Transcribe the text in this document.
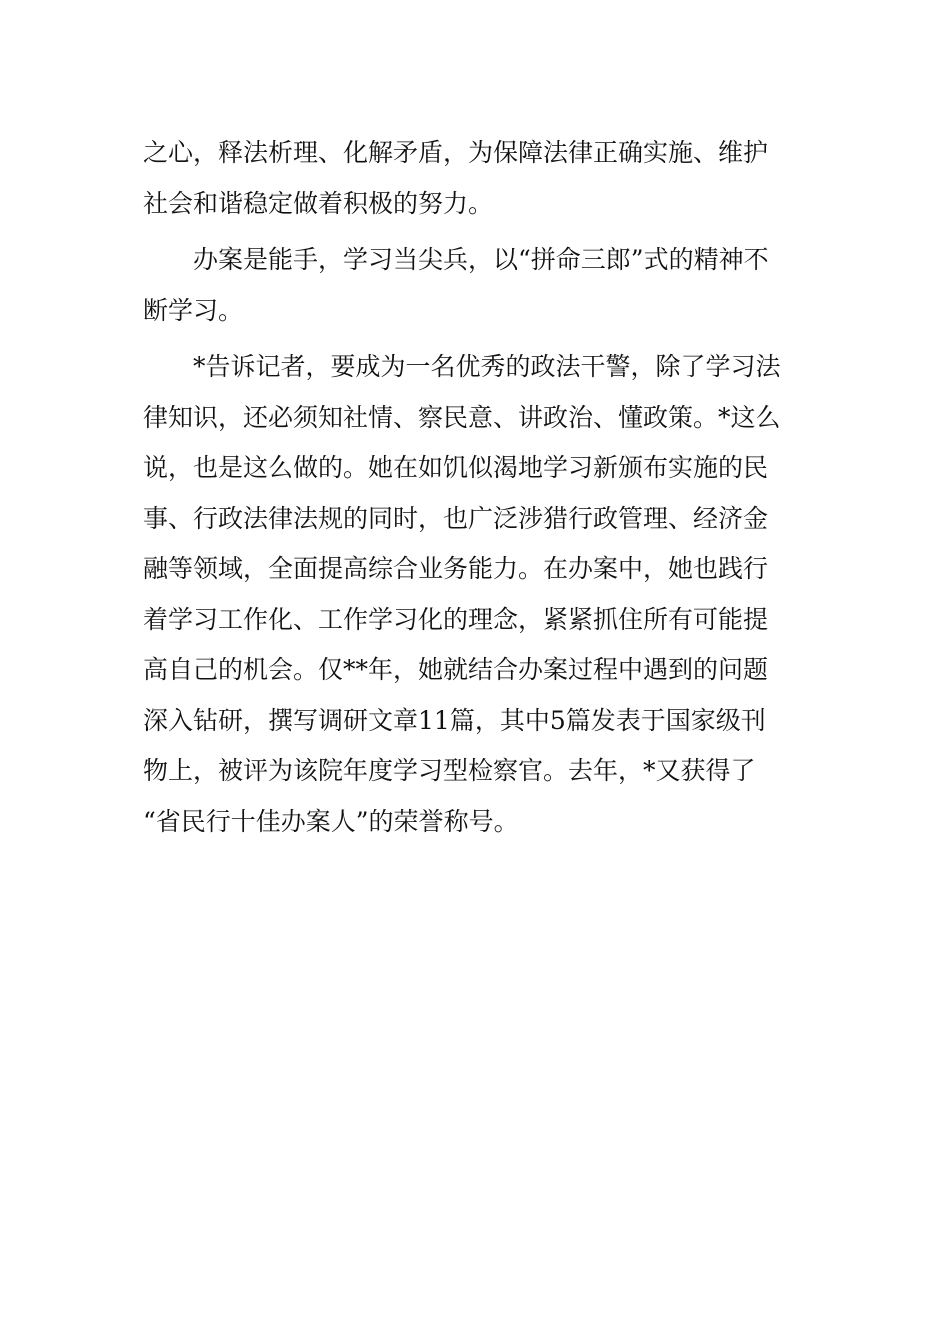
之心，释法析理、化解矛盾，为保障法律正确实施、维护
社会和谐稳定做着积极的努力。

办案是能手，学习当尖兵，以“拼命三郎”式的精神不
断学习。

*告诉记者，要成为一名优秀的政法干警，除了学习法
律知识，还必须知社情、察民意、讲政治、懂政策。*这么
说，也是这么做的。她在如饥似渴地学习新颁布实施的民
事、行政法律法规的同时，也广泛涉猎行政管理、经济金
融等领域，全面提高综合业务能力。在办案中，她也践行
着学习工作化、工作学习化的理念，紧紧抓住所有可能提
高自己的机会。仅**年，她就结合办案过程中遇到的问题
深入钻研，撰写调研文章11篇，其中5篇发表于国家级刊
物上，被评为该院年度学习型检察官。去年，*又获得了
“省民行十佳办案人”的荣誉称号。
